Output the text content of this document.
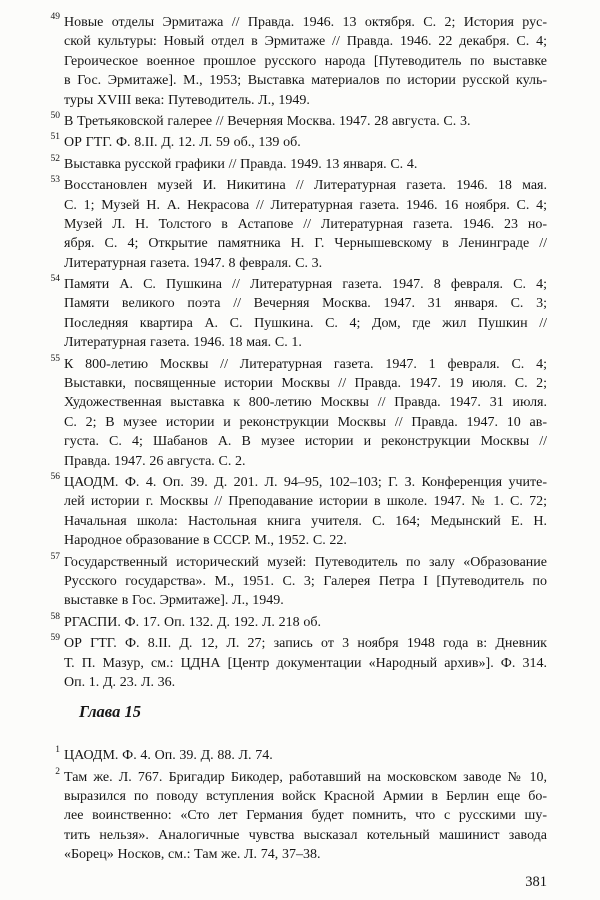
49 Новые отделы Эрмитажа // Правда. 1946. 13 октября. С. 2; История рус-
ской культуры: Новый отдел в Эрмитаже // Правда. 1946. 22 декабря. С. 4;
Героическое военное прошлое русского народа [Путеводитель по выставке
в Гос. Эрмитаже]. М., 1953; Выставка материалов по истории русской куль-
туры XVIII века: Путеводитель. Л., 1949.
50 В Третьяковской галерее // Вечерняя Москва. 1947. 28 августа. С. 3.
51 ОР ГТГ. Ф. 8.II. Д. 12. Л. 59 об., 139 об.
52 Выставка русской графики // Правда. 1949. 13 января. С. 4.
53 Восстановлен музей И. Никитина // Литературная газета. 1946. 18 мая.
С. 1; Музей Н. А. Некрасова // Литературная газета. 1946. 16 ноября. С. 4;
Музей Л. Н. Толстого в Астапове // Литературная газета. 1946. 23 но-
ября. С. 4; Открытие памятника Н. Г. Чернышевскому в Ленинграде //
Литературная газета. 1947. 8 февраля. С. 3.
54 Памяти А. С. Пушкина // Литературная газета. 1947. 8 февраля. С. 4;
Памяти великого поэта // Вечерняя Москва. 1947. 31 января. С. 3;
Последняя квартира А. С. Пушкина. С. 4; Дом, где жил Пушкин //
Литературная газета. 1946. 18 мая. С. 1.
55 К 800-летию Москвы // Литературная газета. 1947. 1 февраля. С. 4;
Выставки, посвященные истории Москвы // Правда. 1947. 19 июля. С. 2;
Художественная выставка к 800-летию Москвы // Правда. 1947. 31 июля.
С. 2; В музее истории и реконструкции Москвы // Правда. 1947. 10 ав-
густа. С. 4; Шабанов А. В музее истории и реконструкции Москвы //
Правда. 1947. 26 августа. С. 2.
56 ЦАОДМ. Ф. 4. Оп. 39. Д. 201. Л. 94–95, 102–103; Г. З. Конференция учите-
лей истории г. Москвы // Преподавание истории в школе. 1947. № 1. С. 72;
Начальная школа: Настольная книга учителя. С. 164; Медынский Е. Н.
Народное образование в СССР. М., 1952. С. 22.
57 Государственный исторический музей: Путеводитель по залу «Образование
Русского государства». М., 1951. С. 3; Галерея Петра I [Путеводитель по
выставке в Гос. Эрмитаже]. Л., 1949.
58 РГАСПИ. Ф. 17. Оп. 132. Д. 192. Л. 218 об.
59 ОР ГТГ. Ф. 8.II. Д. 12, Л. 27; запись от 3 ноября 1948 года в: Дневник
Т. П. Мазур, см.: ЦДНА [Центр документации «Народный архив»]. Ф. 314.
Оп. 1. Д. 23. Л. 36.
Глава 15
1 ЦАОДМ. Ф. 4. Оп. 39. Д. 88. Л. 74.
2 Там же. Л. 767. Бригадир Бикодер, работавший на московском заводе № 10,
выразился по поводу вступления войск Красной Армии в Берлин еще бо-
лее воинственно: «Сто лет Германия будет помнить, что с русскими шу-
тить нельзя». Аналогичные чувства высказал котельный машинист завода
«Борец» Носков, см.: Там же. Л. 74, 37–38.
381
